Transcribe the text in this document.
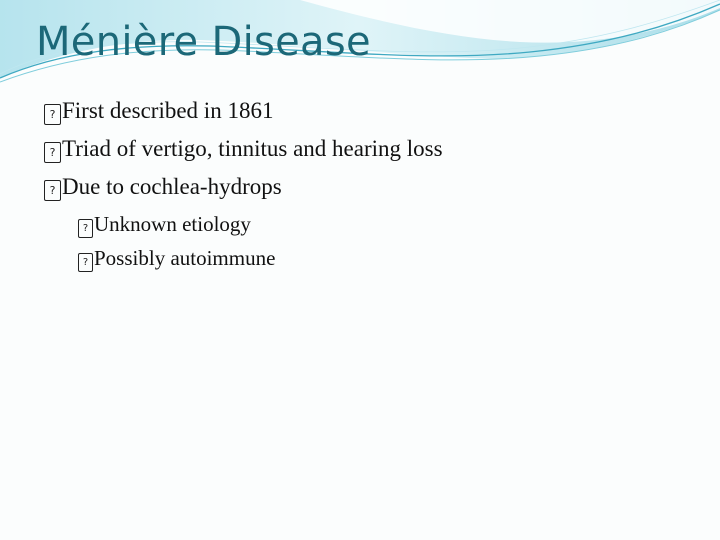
Ménière Disease
? First described in 1861
? Triad of vertigo, tinnitus and hearing loss
? Due to cochlea-hydrops
? Unknown etiology
? Possibly autoimmune
